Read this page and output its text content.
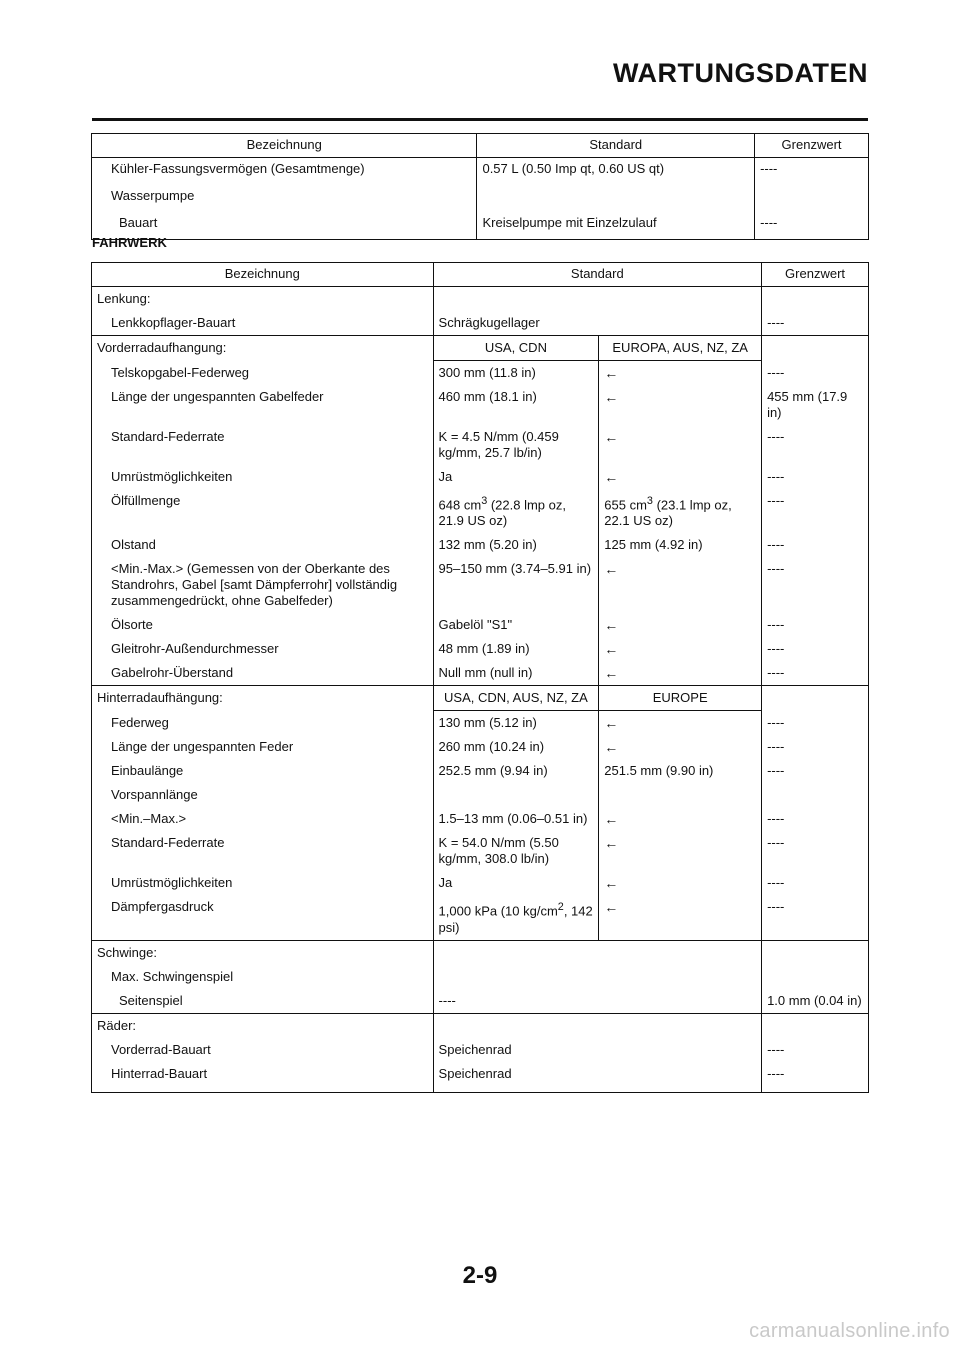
WARTUNGSDATEN
Bezeichnung	Standard	Grenzwert
Kühler-Fassungsvermögen (Gesamtmenge)	0.57 L (0.50 Imp qt, 0.60 US qt)	----
Wasserpumpe		
Bauart	Kreiselpumpe mit Einzelzulauf	----
FAHRWERK
Bezeichnung	Standard		Grenzwert
Lenkung:			
Lenkkopflager-Bauart	Schrägkugellager		----
Vorderradaufhangung:	USA, CDN	EUROPA, AUS, NZ, ZA	
Telskopgabel-Federweg	300 mm (11.8 in)	←	----
Länge der ungespannten Gabelfeder	460 mm (18.1 in)	←	455 mm (17.9 in)
Standard-Federrate	K = 4.5 N/mm (0.459 kg/mm, 25.7 lb/in)	←	----
Umrüstmöglichkeiten	Ja	←	----
Ölfüllmenge	648 $cm^3$ (22.8 lmp oz, 21.9 US oz)	655 $cm^3$ (23.1 lmp oz, 22.1 US oz)	----
Olstand	132 mm (5.20 in)	125 mm (4.92 in)	----
<Min.-Max.> (Gemessen von der Oberkante des Standrohrs, Gabel [samt Dämpferrohr] vollständig zusammengedrückt, ohne Gabelfeder)	95–150 mm (3.74–5.91 in)	←	----
Ölsorte	Gabelöl "S1"	←	----
Gleitrohr-Außendurchmesser	48 mm (1.89 in)	←	----
Gabelrohr-Überstand	Null mm (null in)	←	----
Hinterradaufhängung:	USA, CDN, AUS, NZ, ZA	EUROPE	
Federweg	130 mm (5.12 in)	←	----
Länge der ungespannten Feder	260 mm (10.24 in)	←	----
Einbaulänge	252.5 mm (9.94 in)	251.5 mm (9.90 in)	----
Vorspannlänge			
<Min.–Max.>	1.5–13 mm (0.06–0.51 in)	←	----
Standard-Federrate	K = 54.0 N/mm (5.50 kg/mm, 308.0 lb/in)	←	----
Umrüstmöglichkeiten	Ja	←	----
Dämpfergasdruck	1,000 kPa (10 $kg/cm^2$, 142 psi)	←	----
Schwinge:			
Max. Schwingenspiel			
Seitenspiel	----		1.0 mm (0.04 in)
Räder:			
Vorderrad-Bauart	Speichenrad		----
Hinterrad-Bauart	Speichenrad		----
2-9
carmanualsonline.info
